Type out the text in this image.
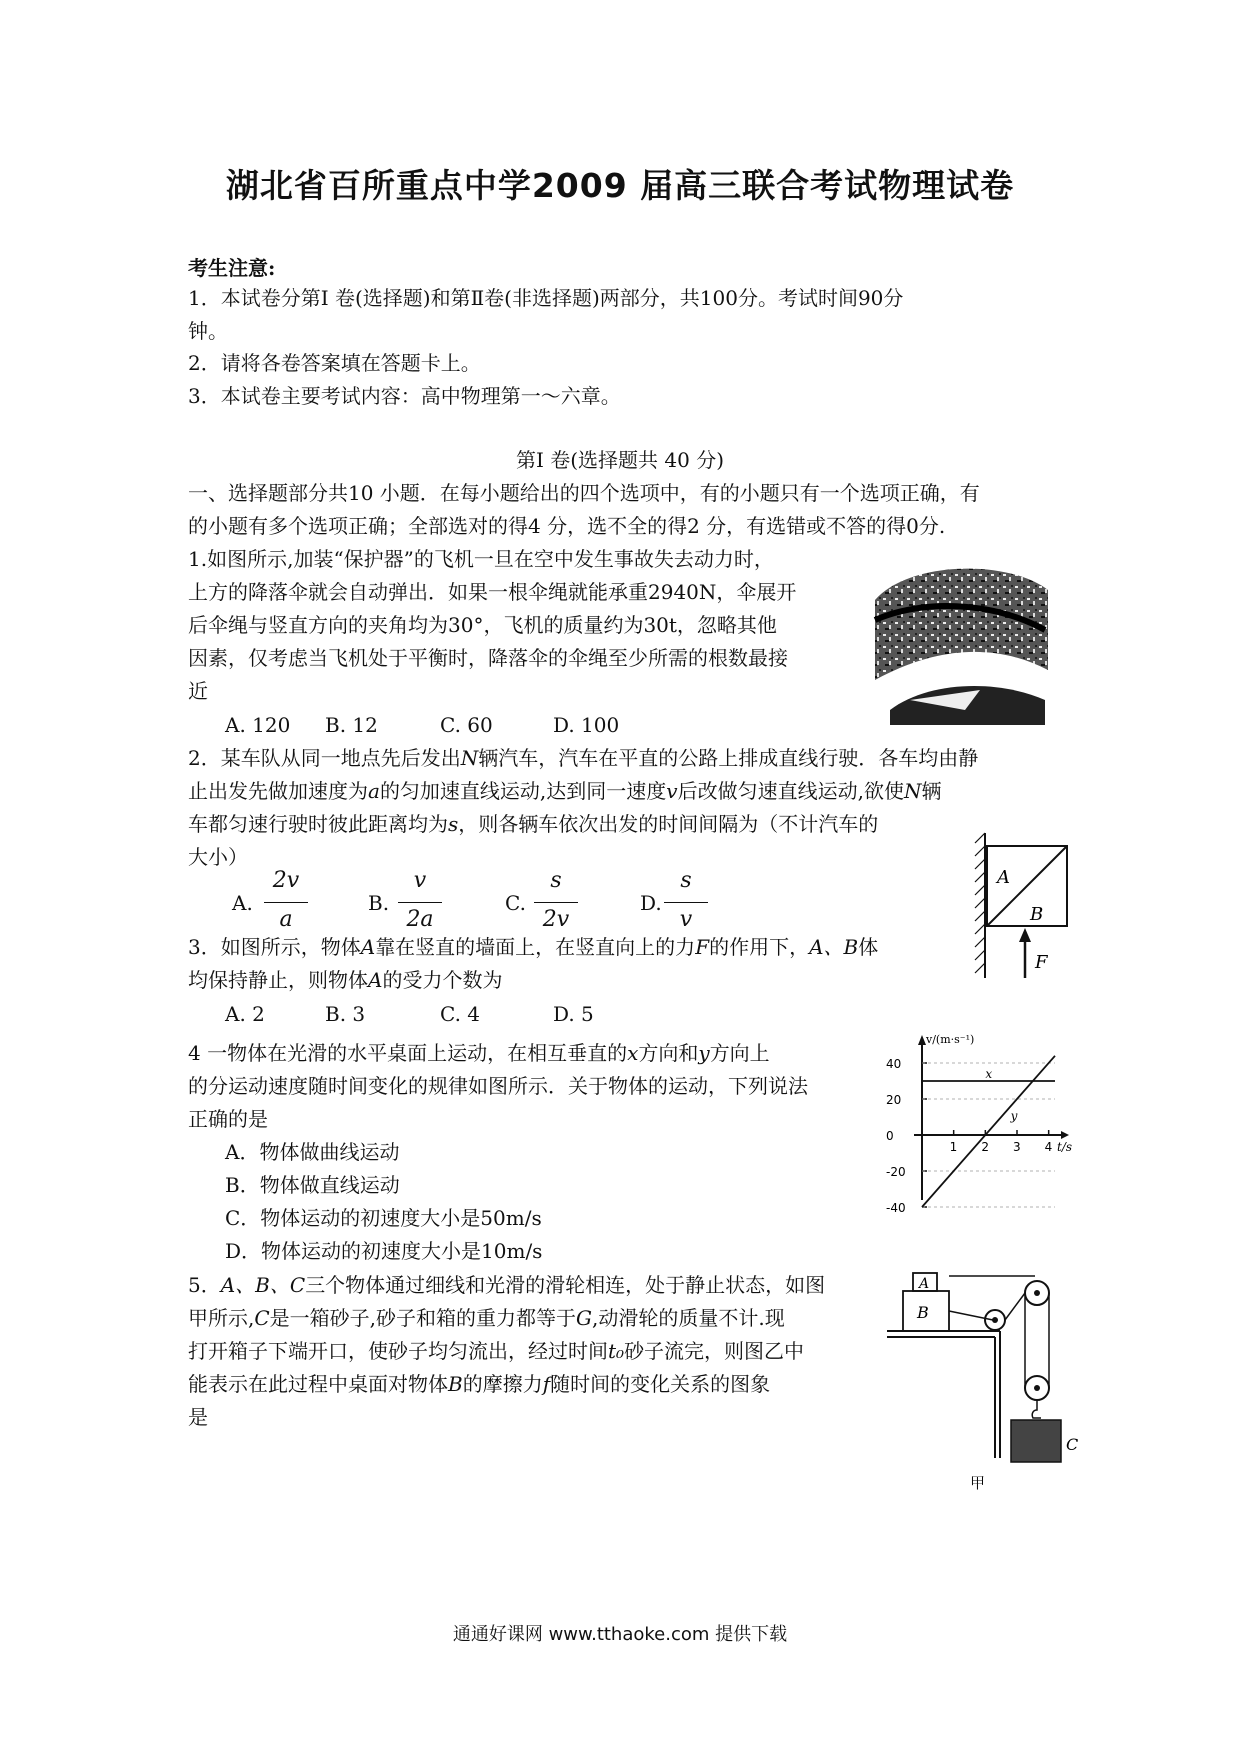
湖北省百所重点中学2009 届高三联合考试物理试卷
考生注意:
1．本试卷分第Ⅰ 卷(选择题)和第Ⅱ卷(非选择题)两部分，共100分。考试时间90分
钟。
2．请将各卷答案填在答题卡上。
3．本试卷主要考试内容：高中物理第一～六章。
第Ⅰ 卷(选择题共 40 分)
一、选择题部分共10 小题．在每小题给出的四个选项中，有的小题只有一个选项正确，有
的小题有多个选项正确；全部选对的得4 分，选不全的得2 分，有选错或不答的得0分.
1.如图所示,加装“保护器”的飞机一旦在空中发生事故失去动力时，
上方的降落伞就会自动弹出．如果一根伞绳就能承重2940N，伞展开
后伞绳与竖直方向的夹角均为30°，飞机的质量约为30t，忽略其他
因素，仅考虑当飞机处于平衡时，降落伞的伞绳至少所需的根数最接
近
A. 120 B. 12	C. 60	D. 100
2．某车队从同一地点先后发出N辆汽车，汽车在平直的公路上排成直线行驶．各车均由静
止出发先做加速度为a的匀加速直线运动,达到同一速度v后改做匀速直线运动,欲使N辆
车都匀速行驶时彼此距离均为s，则各辆车依次出发的时间间隔为（不计汽车的
大小）
A.
2v
a
B.
v
2a
C.
s
2v
D.
s
v
3．如图所示，物体A靠在竖直的墙面上，在竖直向上的力F的作用下，A、B体
均保持静止，则物体A的受力个数为
A. 2	B. 3	C. 4	D. 5
A
B
F
4 一物体在光滑的水平桌面上运动，在相互垂直的x方向和y方向上
的分运动速度随时间变化的规律如图所示．关于物体的运动，下列说法
正确的是
A．物体做曲线运动
B．物体做直线运动
C．物体运动的初速度大小是50m/s
D．物体运动的初速度大小是10m/s
v/(m·s⁻¹)
t/s
1 2 3 4
40
20
0
-20
-40
x
y
5．A、B、C三个物体通过细线和光滑的滑轮相连，处于静止状态，如图
甲所示,C是一箱砂子,砂子和箱的重力都等于G,动滑轮的质量不计.现
打开箱子下端开口，使砂子均匀流出，经过时间t₀砂子流完，则图乙中
能表示在此过程中桌面对物体B的摩擦力f随时间的变化关系的图象
是
A
B
C
甲
通通好课网 www.tthaoke.com 提供下载
